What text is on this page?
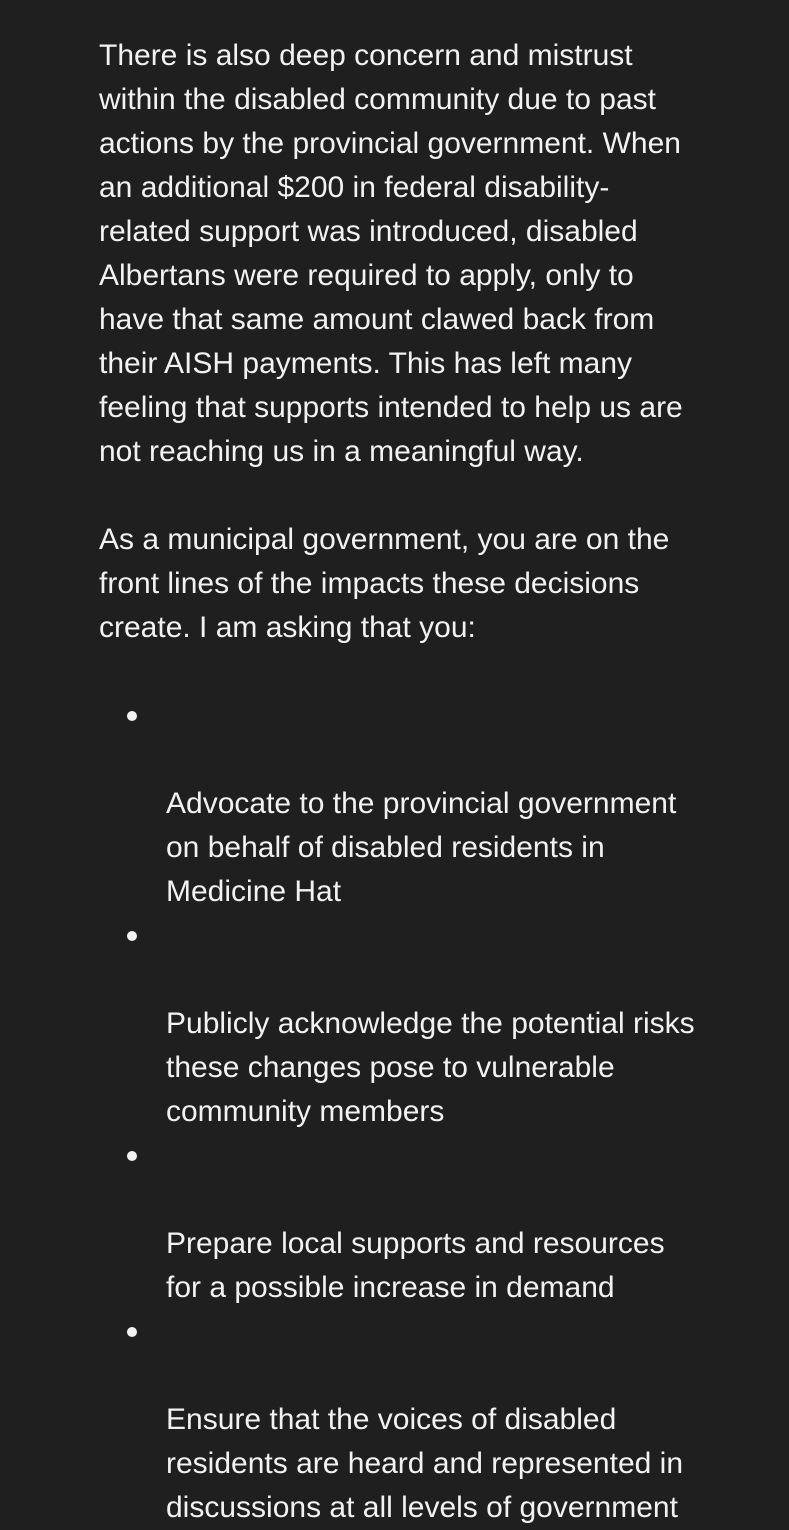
There is also deep concern and mistrust
within the disabled community due to past
actions by the provincial government. When
an additional $200 in federal disability-
related support was introduced, disabled
Albertans were required to apply, only to
have that same amount clawed back from
their AISH payments. This has left many
feeling that supports intended to help us are
not reaching us in a meaningful way.

As a municipal government, you are on the
front lines of the impacts these decisions
create. I am asking that you:

Advocate to the provincial government
on behalf of disabled residents in
Medicine Hat

Publicly acknowledge the potential risks
these changes pose to vulnerable
community members

Prepare local supports and resources
for a possible increase in demand

Ensure that the voices of disabled
residents are heard and represented in
discussions at all levels of government
